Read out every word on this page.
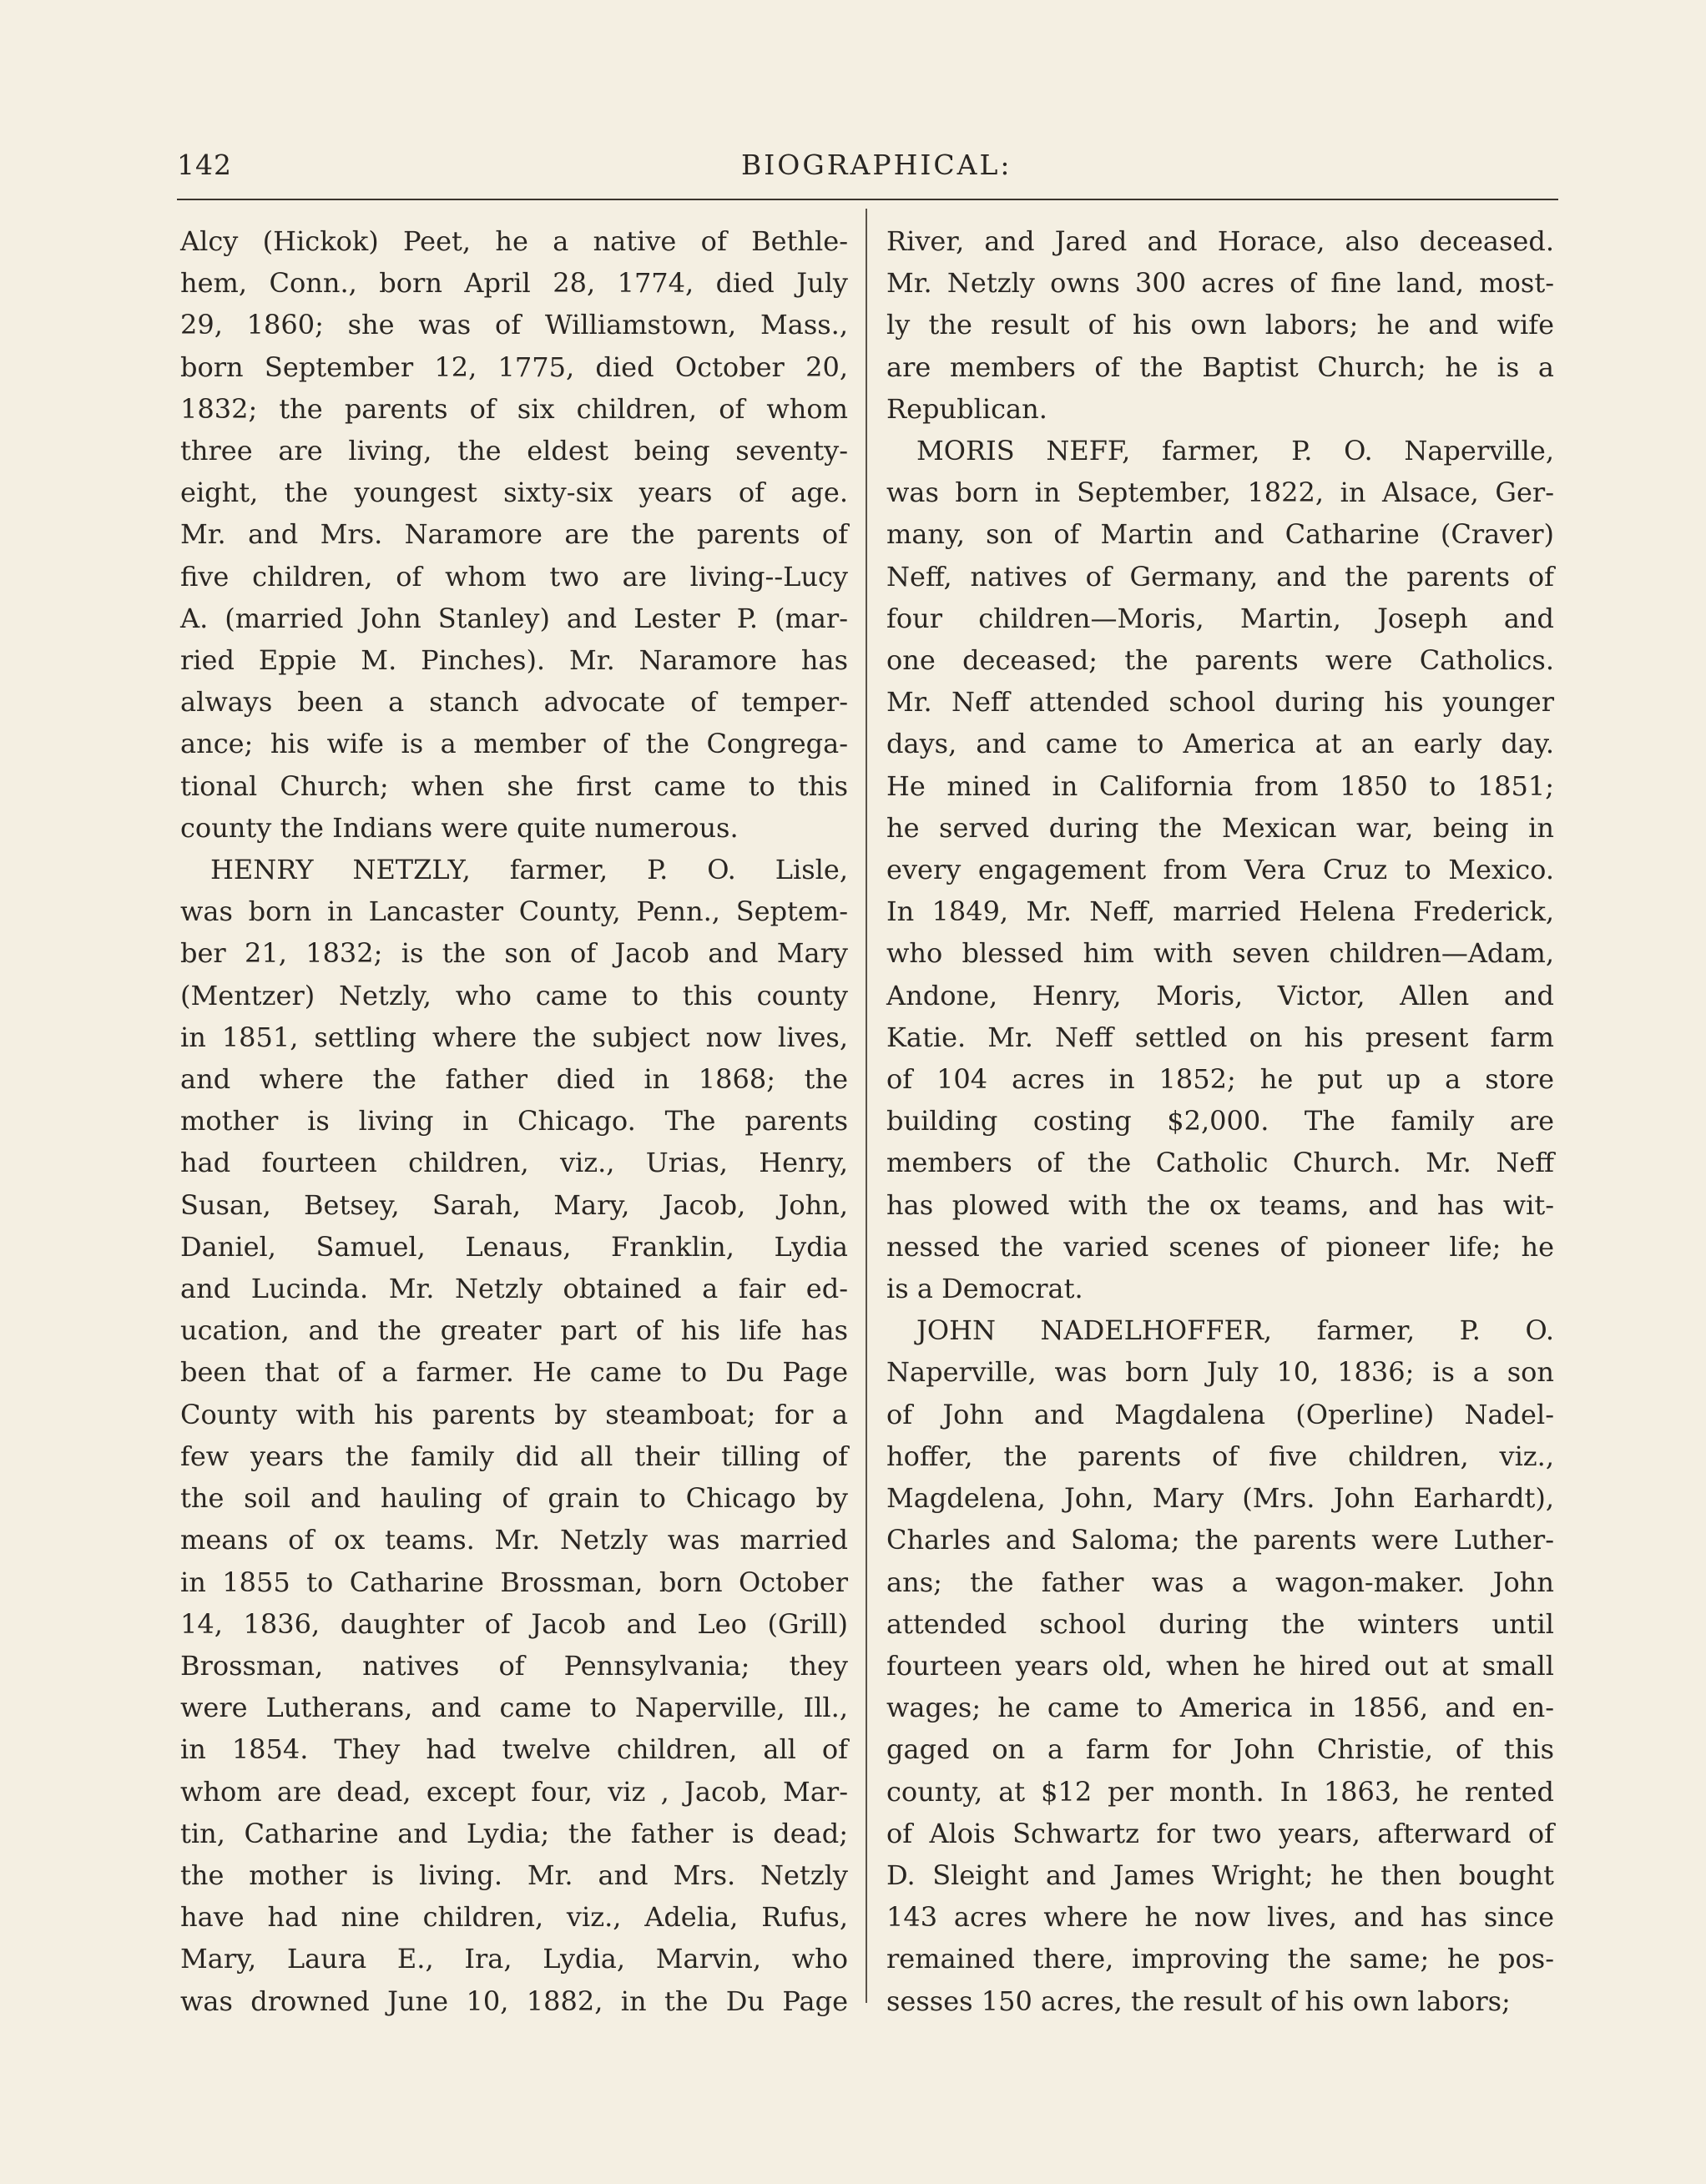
142	BIOGRAPHICAL:

Alcy (Hickok) Peet, he a native of Bethle-

hem, Conn., born April 28, 1774, died July

29, 1860; she was of Williamstown, Mass.,

born September 12, 1775, died October 20,

1832; the parents of six children, of whom

three are living, the eldest being seventy-

eight, the youngest sixty-six years of age.

Mr. and Mrs. Naramore are the parents of

five children, of whom two are living--Lucy

A. (married John Stanley) and Lester P. (mar-

ried Eppie M. Pinches). Mr. Naramore has

always been a stanch advocate of temper-

ance; his wife is a member of the Congrega-

tional Church; when she first came to this

county the Indians were quite numerous.

HENRY NETZLY, farmer, P. O. Lisle,

was born in Lancaster County, Penn., Septem-

ber 21, 1832; is the son of Jacob and Mary

(Mentzer) Netzly, who came to this county

in 1851, settling where the subject now lives,

and where the father died in 1868; the

mother is living in Chicago. The parents

had fourteen children, viz., Urias, Henry,

Susan, Betsey, Sarah, Mary, Jacob, John,

Daniel, Samuel, Lenaus, Franklin, Lydia

and Lucinda. Mr. Netzly obtained a fair ed-

ucation, and the greater part of his life has

been that of a farmer. He came to Du Page

County with his parents by steamboat; for a

few years the family did all their tilling of

the soil and hauling of grain to Chicago by

means of ox teams. Mr. Netzly was married

in 1855 to Catharine Brossman, born October

14, 1836, daughter of Jacob and Leo (Grill)

Brossman, natives of Pennsylvania; they

were Lutherans, and came to Naperville, Ill.,

in 1854. They had twelve children, all of

whom are dead, except four, viz , Jacob, Mar-

tin, Catharine and Lydia; the father is dead;

the mother is living. Mr. and Mrs. Netzly

have had nine children, viz., Adelia, Rufus,

Mary, Laura E., Ira, Lydia, Marvin, who

was drowned June 10, 1882, in the Du Page

River, and Jared and Horace, also deceased.

Mr. Netzly owns 300 acres of fine land, most-

ly the result of his own labors; he and wife

are members of the Baptist Church; he is a

Republican.

MORIS NEFF, farmer, P. O. Naperville,

was born in September, 1822, in Alsace, Ger-

many, son of Martin and Catharine (Craver)

Neff, natives of Germany, and the parents of

four children—Moris, Martin, Joseph and

one deceased; the parents were Catholics.

Mr. Neff attended school during his younger

days, and came to America at an early day.

He mined in California from 1850 to 1851;

he served during the Mexican war, being in

every engagement from Vera Cruz to Mexico.

In 1849, Mr. Neff, married Helena Frederick,

who blessed him with seven children—Adam,

Andone, Henry, Moris, Victor, Allen and

Katie. Mr. Neff settled on his present farm

of 104 acres in 1852; he put up a store

building costing $2,000. The family are

members of the Catholic Church. Mr. Neff

has plowed with the ox teams, and has wit-

nessed the varied scenes of pioneer life; he

is a Democrat.

JOHN NADELHOFFER, farmer, P. O.

Naperville, was born July 10, 1836; is a son

of John and Magdalena (Operline) Nadel-

hoffer, the parents of five children, viz.,

Magdelena, John, Mary (Mrs. John Earhardt),

Charles and Saloma; the parents were Luther-

ans; the father was a wagon-maker. John

attended school during the winters until

fourteen years old, when he hired out at small

wages; he came to America in 1856, and en-

gaged on a farm for John Christie, of this

county, at $12 per month. In 1863, he rented

of Alois Schwartz for two years, afterward of

D. Sleight and James Wright; he then bought

143 acres where he now lives, and has since

remained there, improving the same; he pos-

sesses 150 acres, the result of his own labors;
